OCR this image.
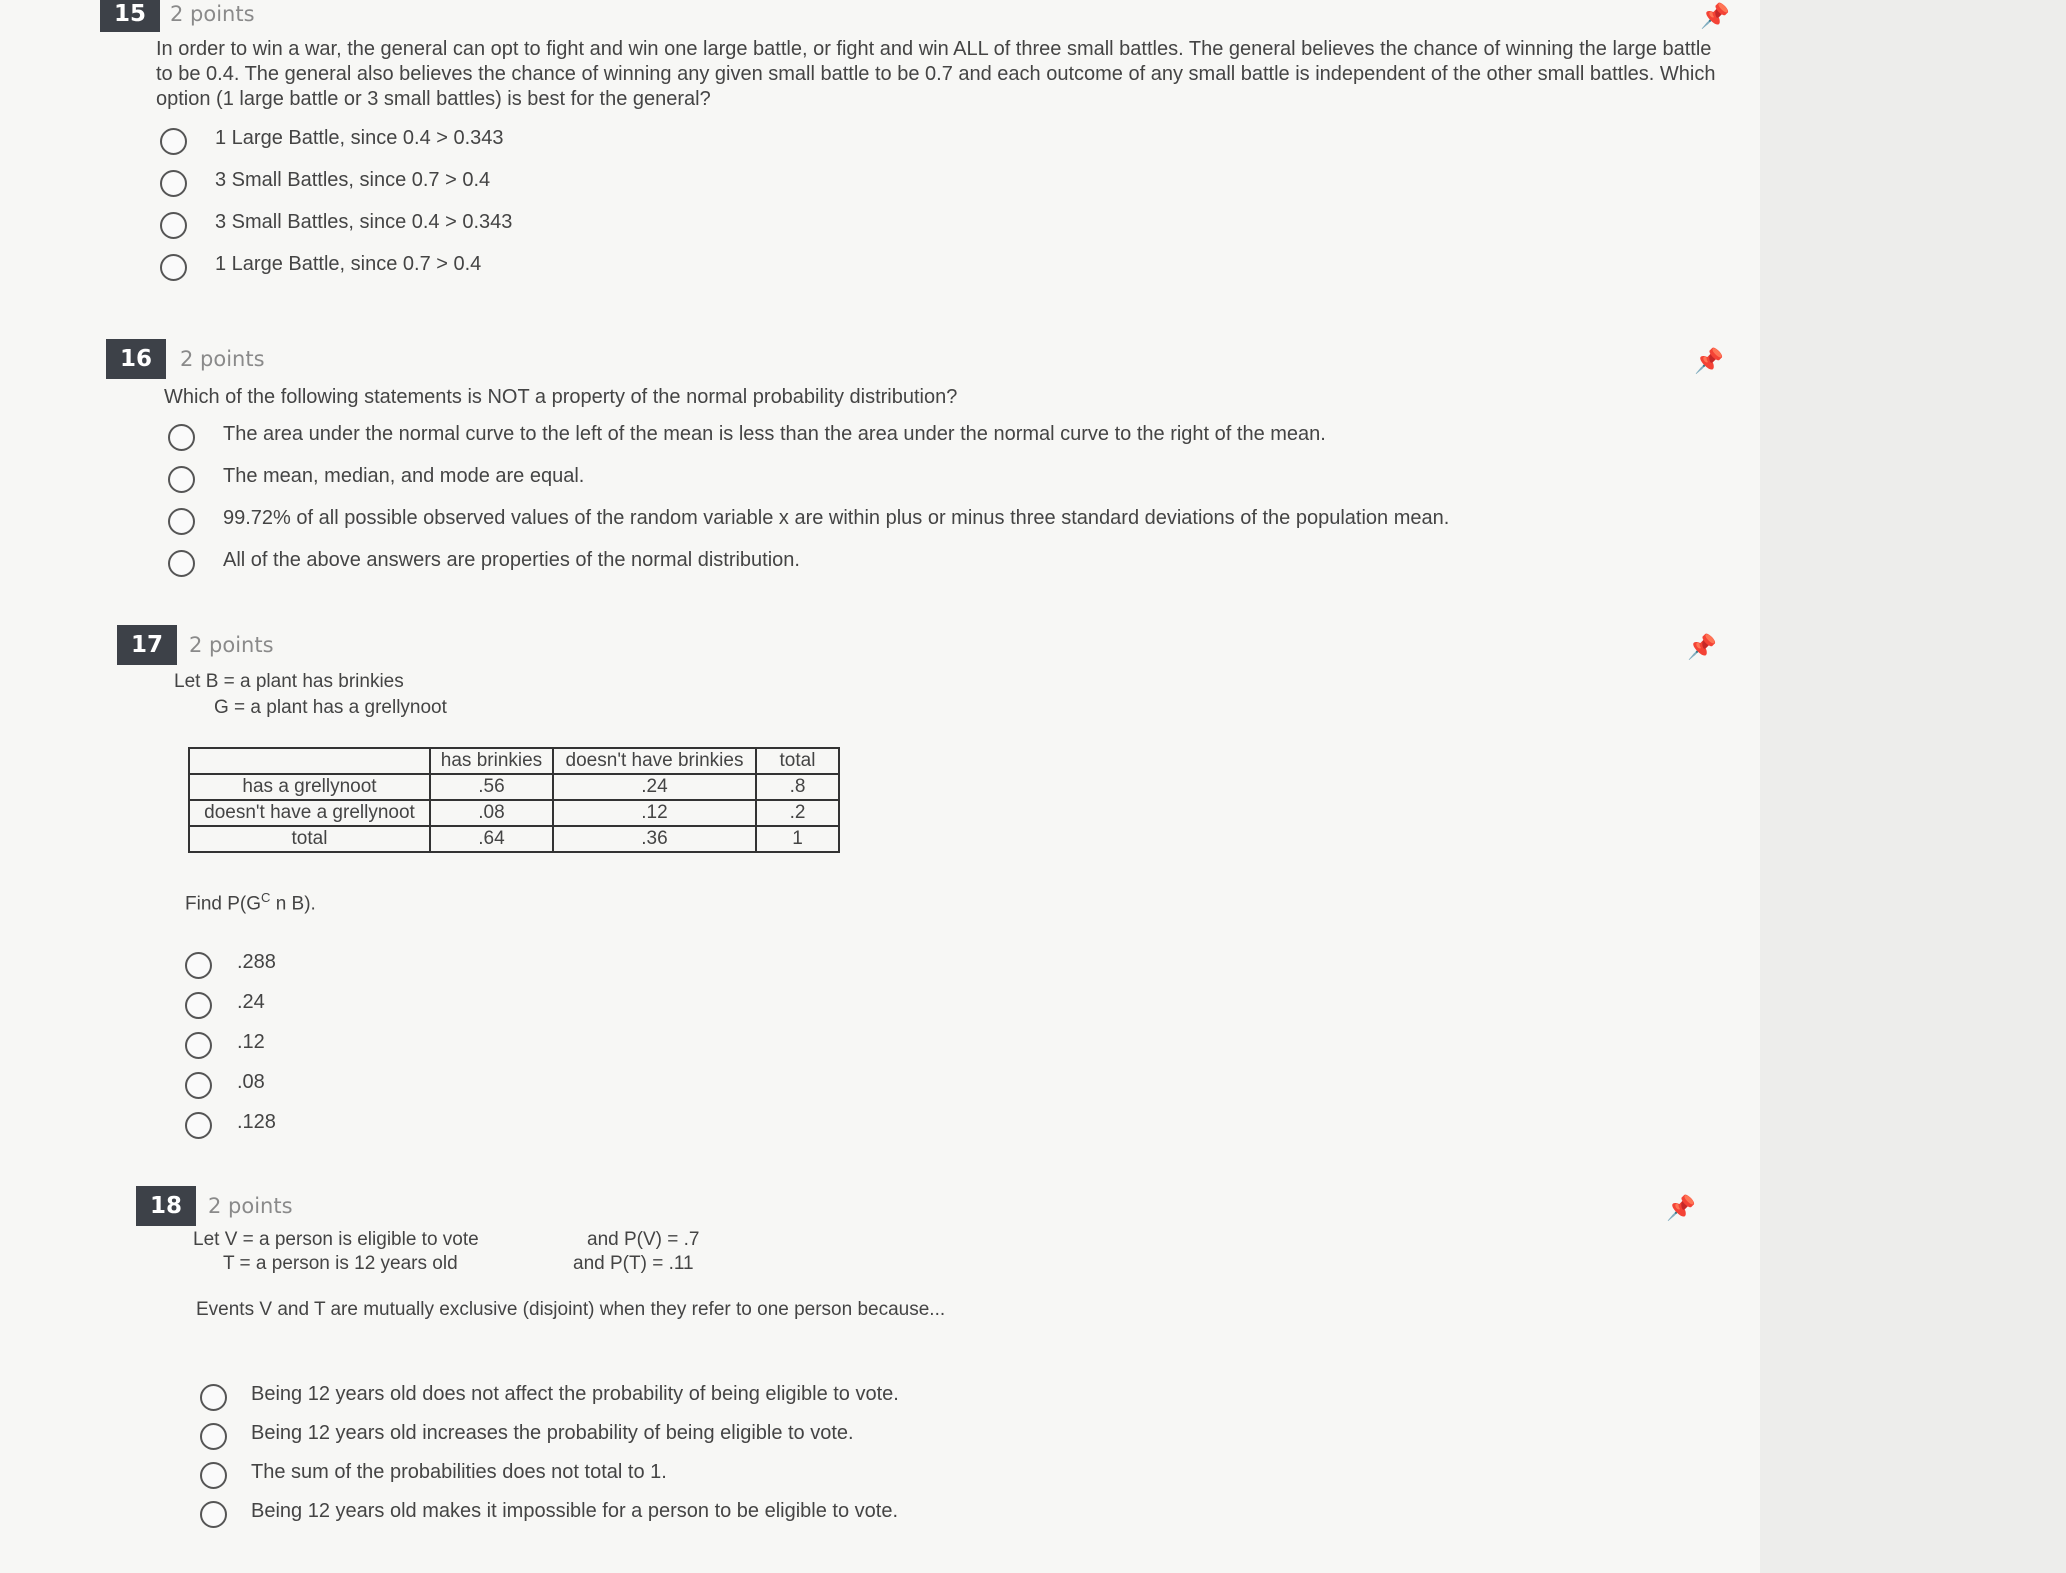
15	2 points	📌
In order to win a war, the general can opt to fight and win one large battle, or fight and win ALL of three small battles. The general believes the chance of winning the large battle to be 0.4. The general also believes the chance of winning any given small battle to be 0.7 and each outcome of any small battle is independent of the other small battles. Which option (1 large battle or 3 small battles) is best for the general?
1 Large Battle, since 0.4 > 0.343
3 Small Battles, since 0.7 > 0.4
3 Small Battles, since 0.4 > 0.343
1 Large Battle, since 0.7 > 0.4
16	2 points	📌
Which of the following statements is NOT a property of the normal probability distribution?
The area under the normal curve to the left of the mean is less than the area under the normal curve to the right of the mean.
The mean, median, and mode are equal.
99.72% of all possible observed values of the random variable x are within plus or minus three standard deviations of the population mean.
All of the above answers are properties of the normal distribution.
17	2 points	📌
Let B = a plant has brinkies
G = a plant has a grellynoot
	has brinkies	doesn't have brinkies	total
has a grellynoot	.56	.24	.8
doesn't have a grellynoot	.08	.12	.2
total	.64	.36	1
Find $P(G^C$ n B).
.288
.24
.12
.08
.128
18	2 points	📌
Let V = a person is eligible to vote
T = a person is 12 years old
and P(V) = .7
and P(T) = .11
Events V and T are mutually exclusive (disjoint) when they refer to one person because...
Being 12 years old does not affect the probability of being eligible to vote.
Being 12 years old increases the probability of being eligible to vote.
The sum of the probabilities does not total to 1.
Being 12 years old makes it impossible for a person to be eligible to vote.
